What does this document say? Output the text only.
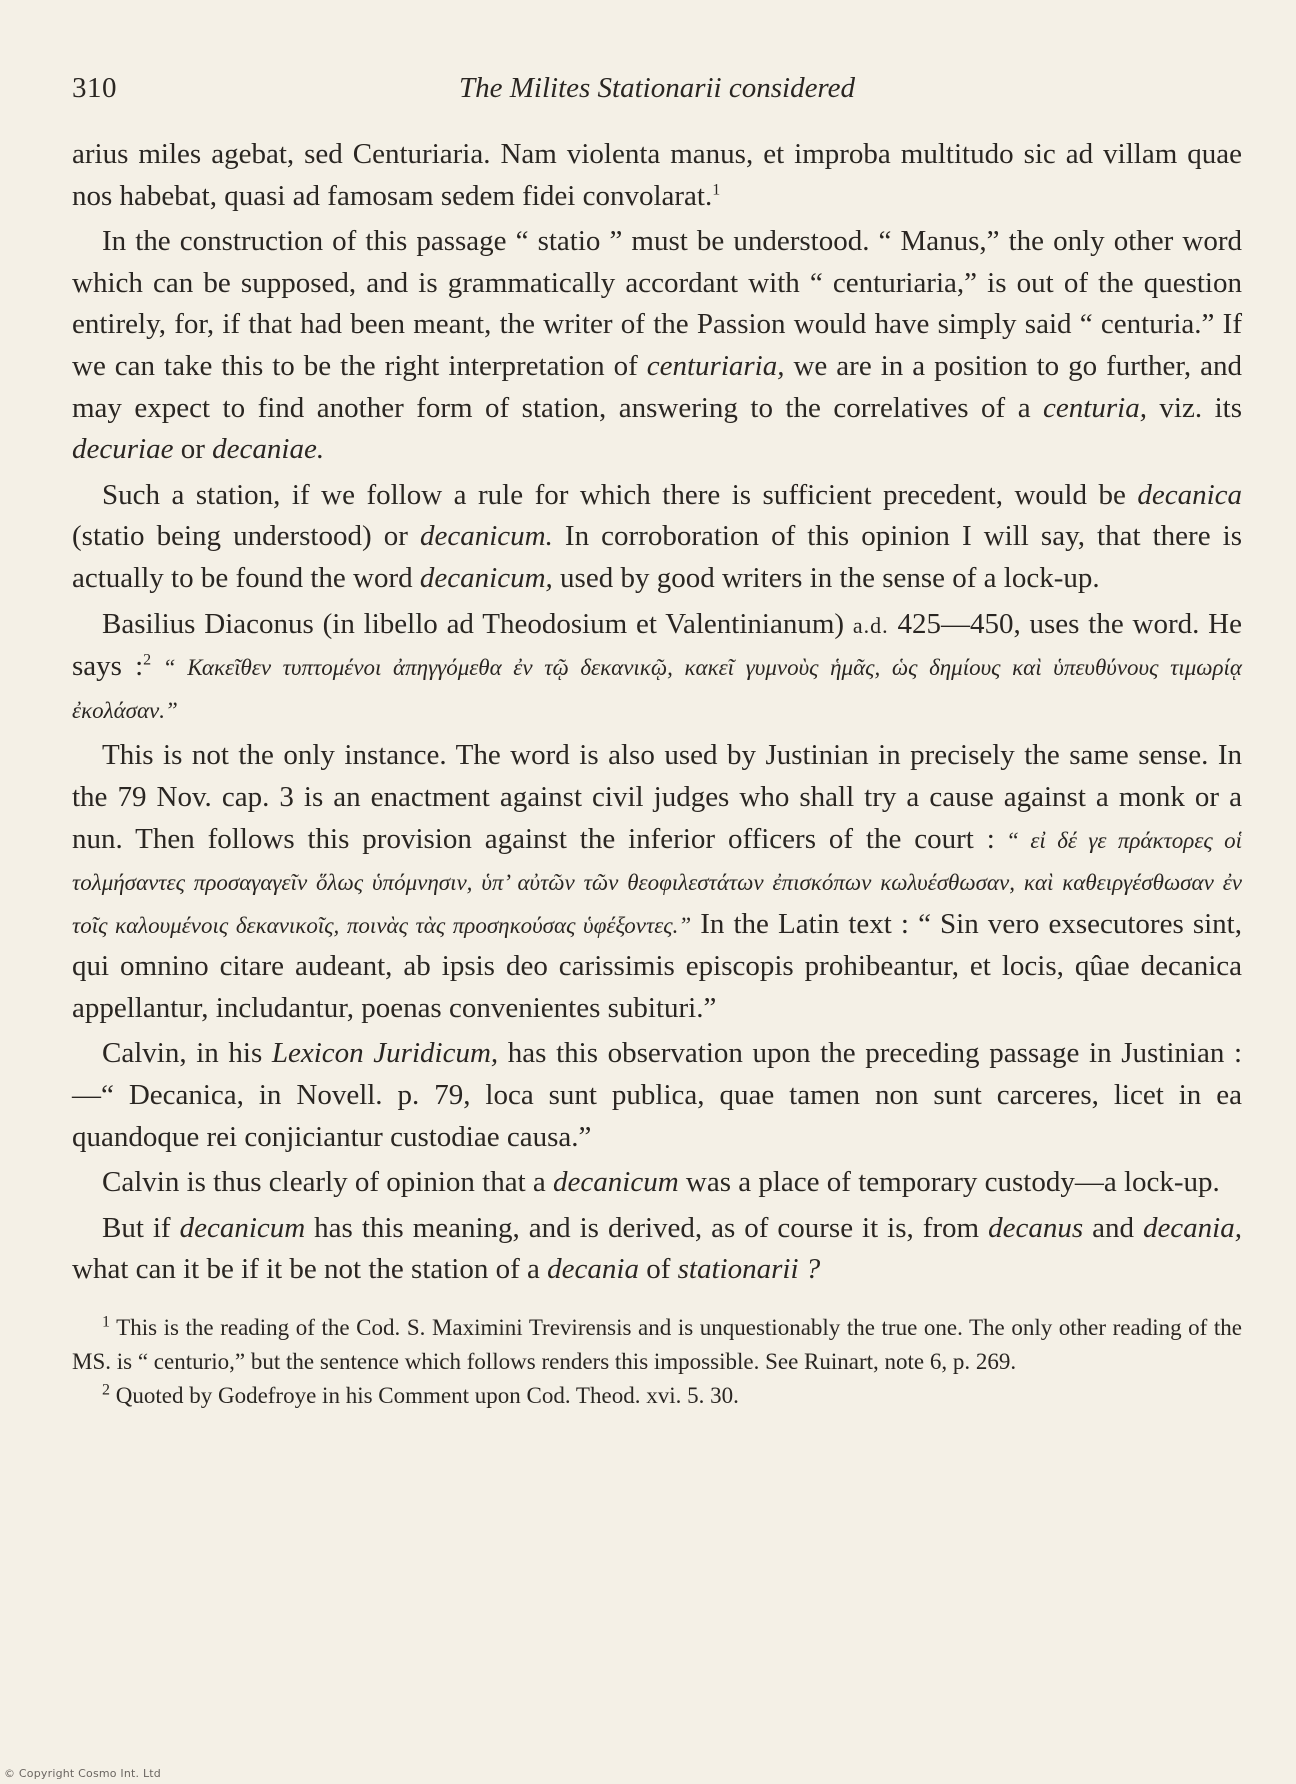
310	The Milites Stationarii considered

arius miles agebat, sed Centuriaria. Nam violenta manus, et improba multitudo sic ad villam quae nos habebat, quasi ad famosam sedem fidei convolarat.$^1$

In the construction of this passage “ statio ” must be understood. “ Manus,” the only other word which can be supposed, and is grammatically accordant with “ centuriaria,” is out of the question entirely, for, if that had been meant, the writer of the Passion would have simply said “ centuria.” If we can take this to be the right interpretation of centuriaria, we are in a position to go further, and may expect to find another form of station, answering to the correlatives of a centuria, viz. its decuriae or decaniae.

Such a station, if we follow a rule for which there is sufficient precedent, would be decanica (statio being understood) or decanicum. In corroboration of this opinion I will say, that there is actually to be found the word decanicum, used by good writers in the sense of a lock-up.

Basilius Diaconus (in libello ad Theodosium et Valentinianum) a.d. 425—450, uses the word. He says :$^2$ “ Κακεῖθεν τυπτομένοι ἀπηγγόμεθα ἐν τῷ δεκανικῷ, κακεῖ γυμνοὺς ἡμᾶς, ὡς δημίους καὶ ὑπευθύνους τιμωρίᾳ ἐκολάσαν.”

This is not the only instance. The word is also used by Justinian in precisely the same sense. In the 79 Nov. cap. 3 is an enactment against civil judges who shall try a cause against a monk or a nun. Then follows this provision against the inferior officers of the court : “ εἰ δέ γε πράκτορες οἱ τολμήσαντες προσαγαγεῖν ὅλως ὑπόμνησιν, ὑπ’ αὐτῶν τῶν θεοφιλεστάτων ἐπισκόπων κωλυέσθωσαν, καὶ καθειργέσθωσαν ἐν τοῖς καλουμένοις δεκανικοῖς, ποινὰς τὰς προσηκούσας ὑφέξοντες.” In the Latin text : “ Sin vero exsecutores sint, qui omnino citare audeant, ab ipsis deo carissimis episcopis prohibeantur, et locis, qûae decanica appellantur, includantur, poenas convenientes subituri.”

Calvin, in his Lexicon Juridicum, has this observation upon the preceding passage in Justinian :—“ Decanica, in Novell. p. 79, loca sunt publica, quae tamen non sunt carceres, licet in ea quandoque rei conjiciantur custodiae causa.”

Calvin is thus clearly of opinion that a decanicum was a place of temporary custody—a lock-up.

But if decanicum has this meaning, and is derived, as of course it is, from decanus and decania, what can it be if it be not the station of a decania of stationarii ?

$^1$ This is the reading of the Cod. S. Maximini Trevirensis and is unquestionably the true one. The only other reading of the MS. is “ centurio,” but the sentence which follows renders this impossible. See Ruinart, note 6, p. 269.

$^2$ Quoted by Godefroye in his Comment upon Cod. Theod. xvi. 5. 30.

© Copyright Cosmo Int. Ltd
